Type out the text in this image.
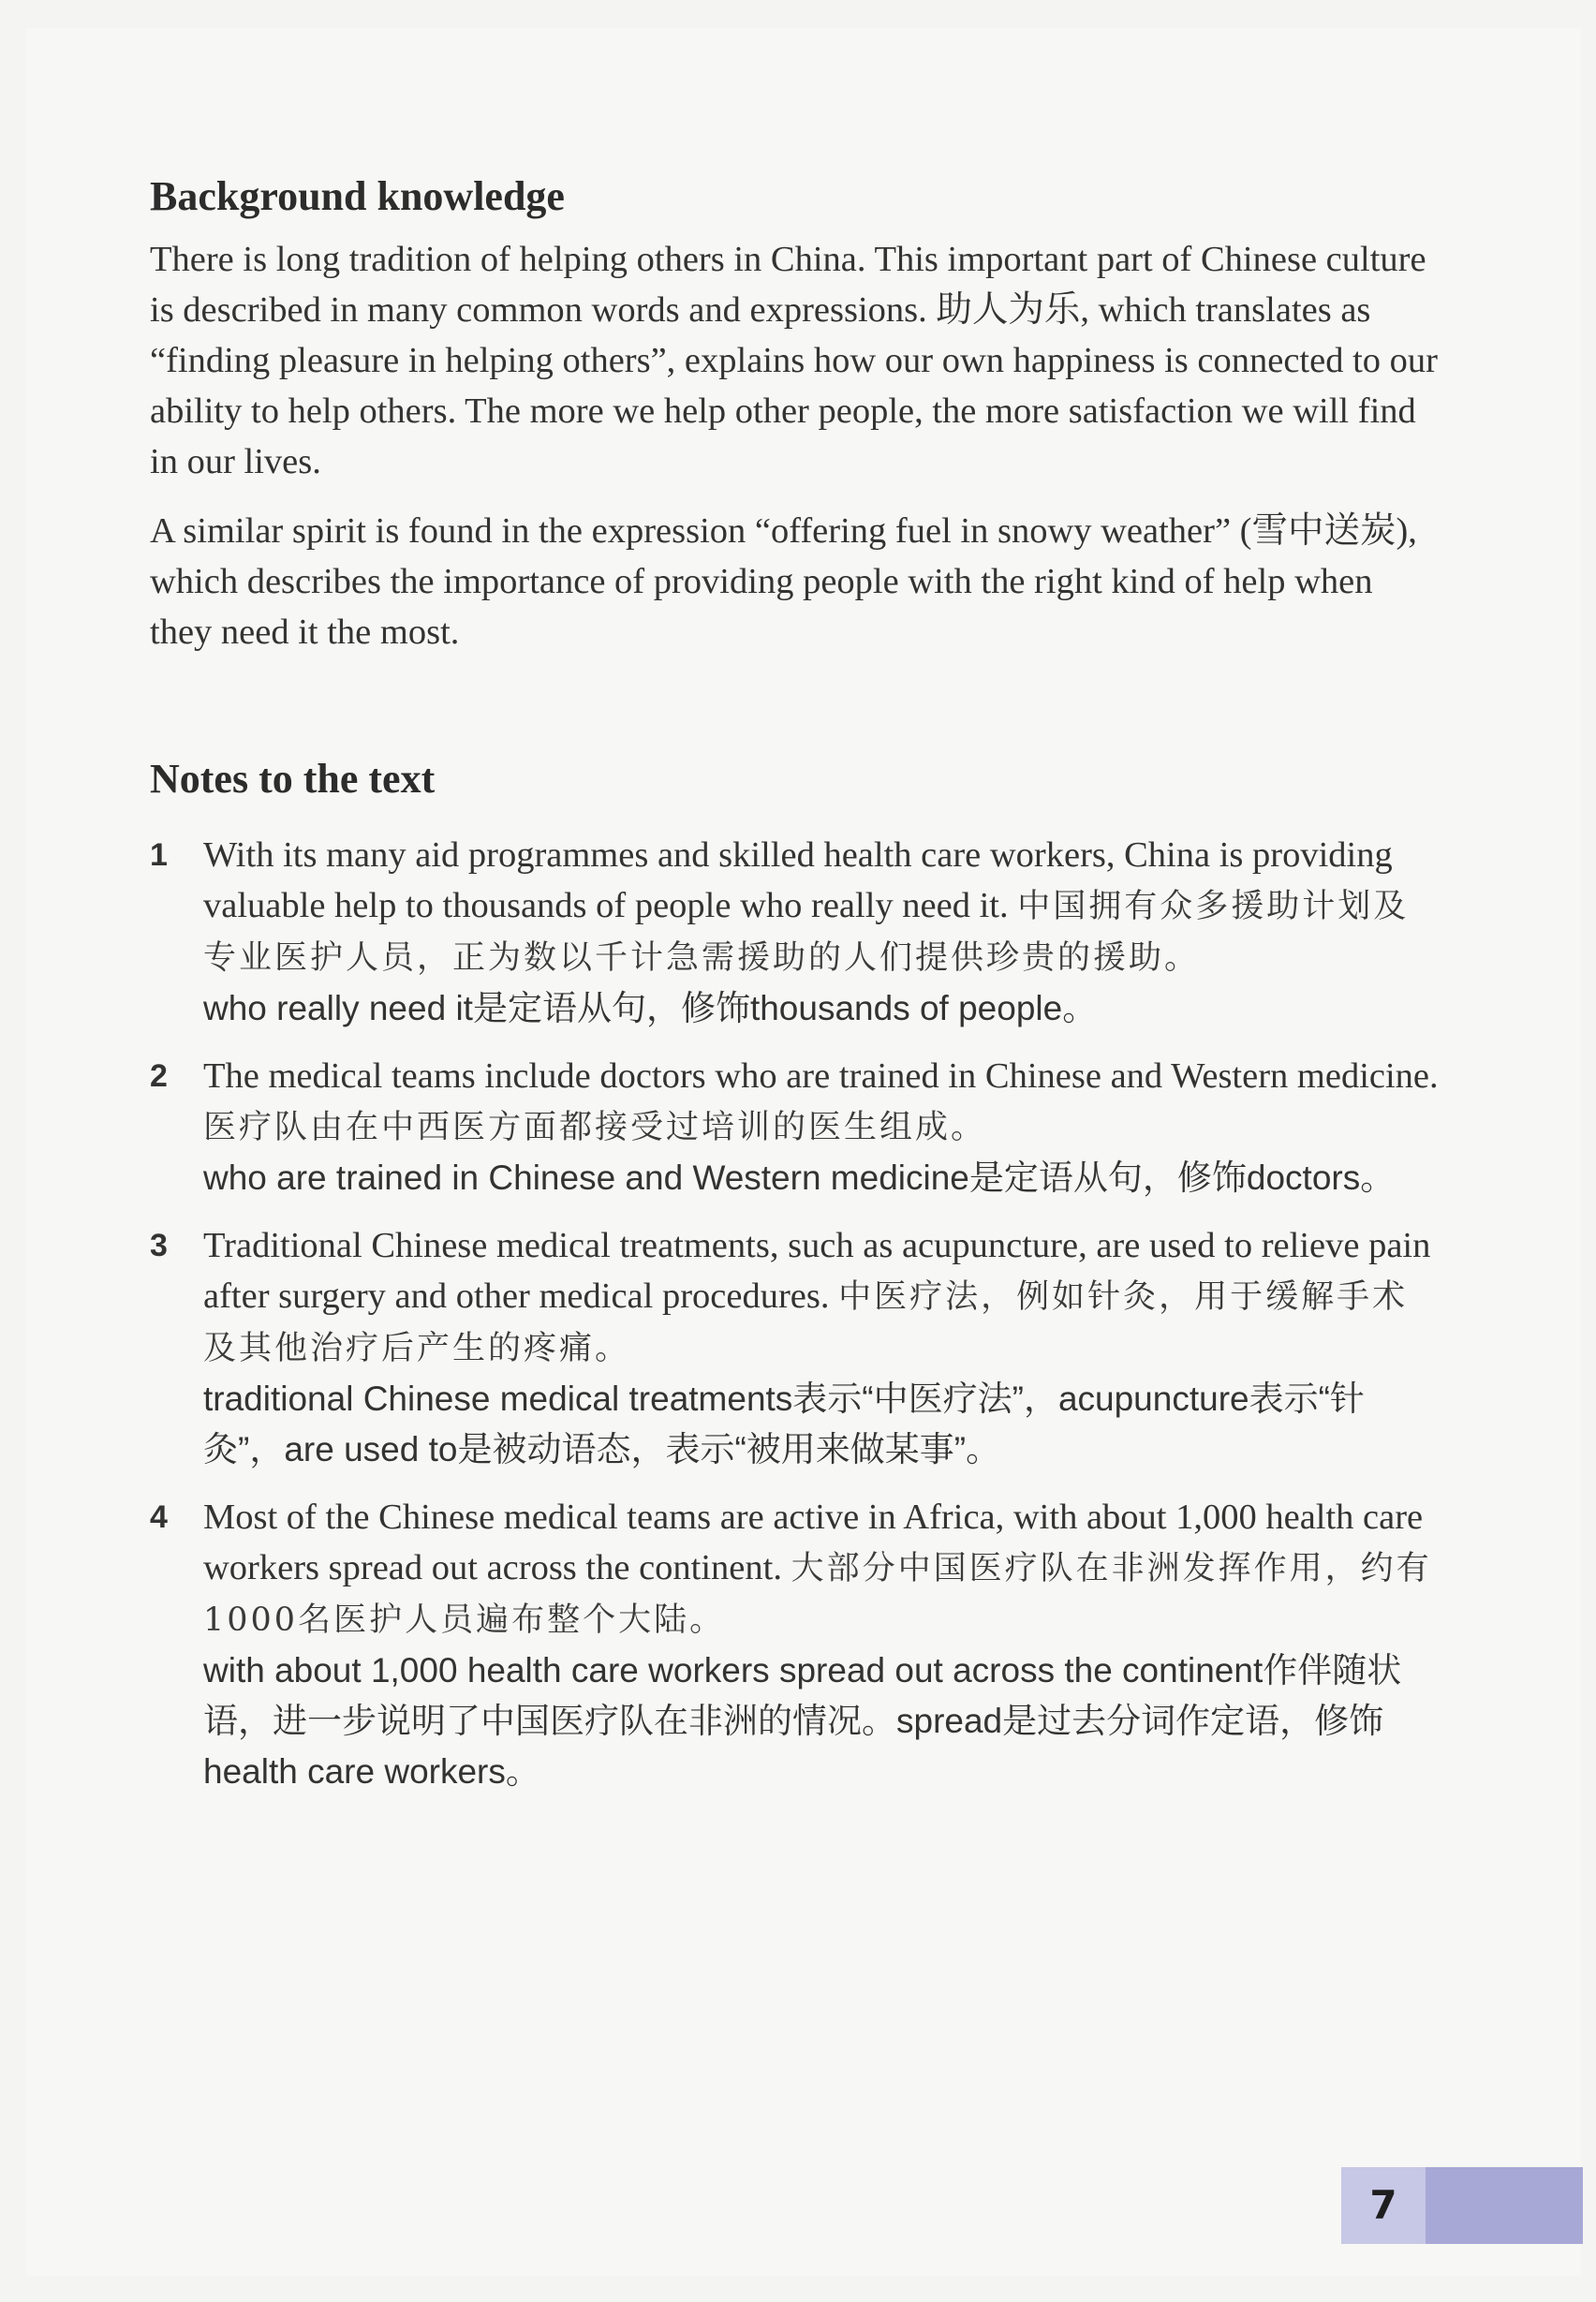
Background knowledge

There is long tradition of helping others in China. This important part of Chinese culture is described in many common words and expressions. 助人为乐, which translates as “finding pleasure in helping others”, explains how our own happiness is connected to our ability to help others. The more we help other people, the more satisfaction we will find in our lives.

A similar spirit is found in the expression “offering fuel in snowy weather” (雪中送炭), which describes the importance of providing people with the right kind of help when they need it the most.

Notes to the text
1 With its many aid programmes and skilled health care workers, China is providing valuable help to thousands of people who really need it. 中国拥有众多援助计划及专业医护人员，正为数以千计急需援助的人们提供珍贵的援助。

who really need it是定语从句，修饰thousands of people。

2 The medical teams include doctors who are trained in Chinese and Western medicine. 医疗队由在中西医方面都接受过培训的医生组成。

who are trained in Chinese and Western medicine是定语从句，修饰doctors。

3 Traditional Chinese medical treatments, such as acupuncture, are used to relieve pain after surgery and other medical procedures. 中医疗法，例如针灸，用于缓解手术及其他治疗后产生的疼痛。

traditional Chinese medical treatments表示“中医疗法”，acupuncture表示“针灸”，are used to是被动语态，表示“被用来做某事”。

4 Most of the Chinese medical teams are active in Africa, with about 1,000 health care workers spread out across the continent. 大部分中国医疗队在非洲发挥作用，约有1000名医护人员遍布整个大陆。

with about 1,000 health care workers spread out across the continent作伴随状语，进一步说明了中国医疗队在非洲的情况。spread是过去分词作定语，修饰health care workers。

7
